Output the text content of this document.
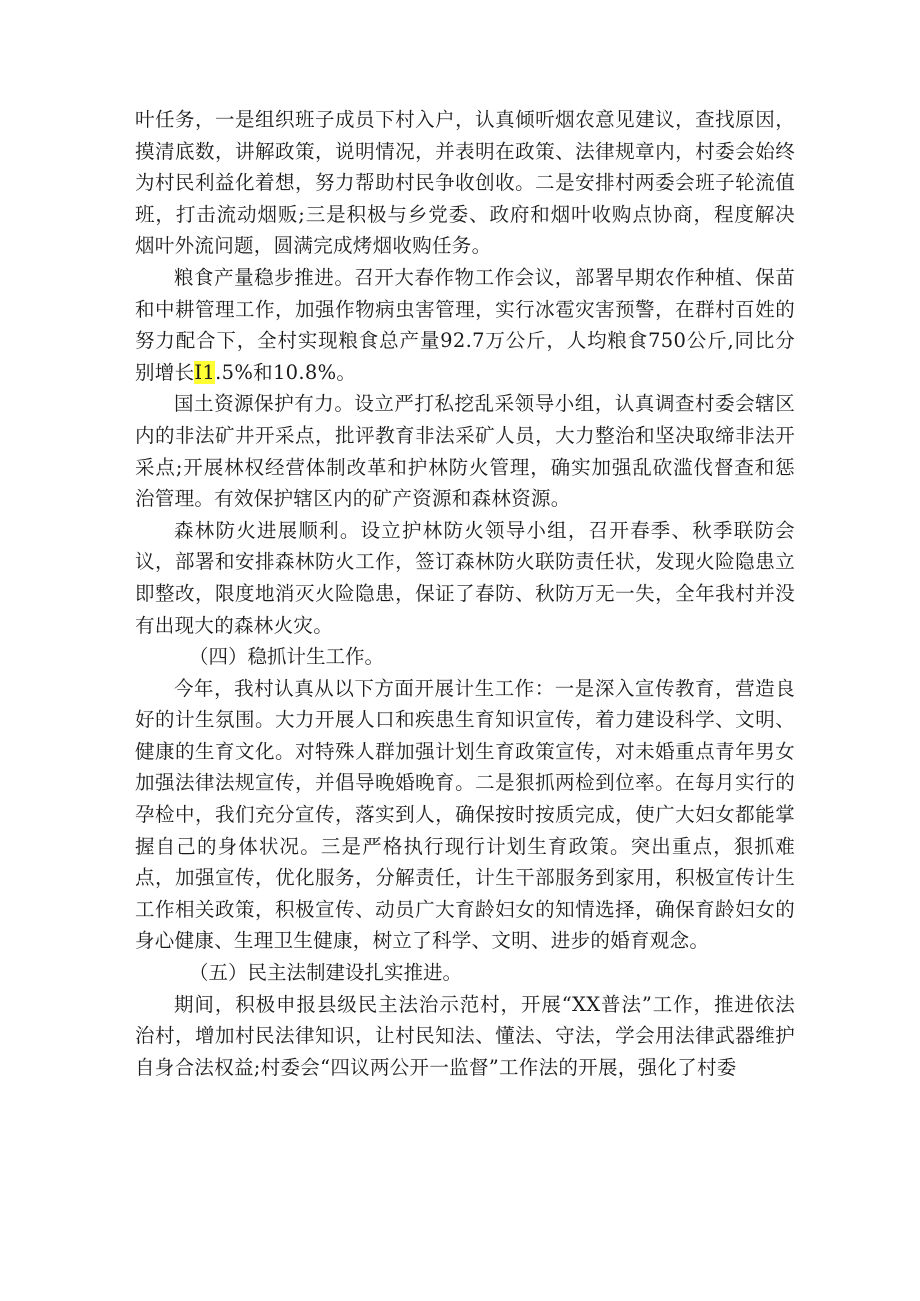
叶任务，一是组织班子成员下村入户，认真倾听烟农意见建议，查找原因，摸清底数，讲解政策，说明情况，并表明在政策、法律规章内，村委会始终为村民利益化着想，努力帮助村民争收创收。二是安排村两委会班子轮流值班，打击流动烟贩;三是积极与乡党委、政府和烟叶收购点协商，程度解决烟叶外流问题，圆满完成烤烟收购任务。

粮食产量稳步推进。召开大春作物工作会议，部署早期农作种植、保苗和中耕管理工作，加强作物病虫害管理，实行冰雹灾害预警，在群村百姓的努力配合下，全村实现粮食总产量92.7万公斤，人均粮食750公斤,同比分别增长I1.5%和10.8%。

国土资源保护有力。设立严打私挖乱采领导小组，认真调查村委会辖区内的非法矿井开采点，批评教育非法采矿人员，大力整治和坚决取缔非法开采点;开展林权经营体制改革和护林防火管理，确实加强乱砍滥伐督查和惩治管理。有效保护辖区内的矿产资源和森林资源。

森林防火进展顺利。设立护林防火领导小组，召开春季、秋季联防会议，部署和安排森林防火工作，签订森林防火联防责任状，发现火险隐患立即整改，限度地消灭火险隐患，保证了春防、秋防万无一失，全年我村并没有出现大的森林火灾。

（四）稳抓计生工作。

今年，我村认真从以下方面开展计生工作：一是深入宣传教育，营造良好的计生氛围。大力开展人口和疾患生育知识宣传，着力建设科学、文明、健康的生育文化。对特殊人群加强计划生育政策宣传，对未婚重点青年男女加强法律法规宣传，并倡导晚婚晚育。二是狠抓两检到位率。在每月实行的孕检中，我们充分宣传，落实到人，确保按时按质完成，使广大妇女都能掌握自己的身体状况。三是严格执行现行计划生育政策。突出重点，狠抓难点，加强宣传，优化服务，分解责任，计生干部服务到家用，积极宣传计生工作相关政策，积极宣传、动员广大育龄妇女的知情选择，确保育龄妇女的身心健康、生理卫生健康，树立了科学、文明、进步的婚育观念。

（五）民主法制建设扎实推进。

期间，积极申报县级民主法治示范村，开展“XX普法”工作，推进依法治村，增加村民法律知识，让村民知法、懂法、守法，学会用法律武器维护自身合法权益;村委会“四议两公开一监督”工作法的开展，强化了村委
